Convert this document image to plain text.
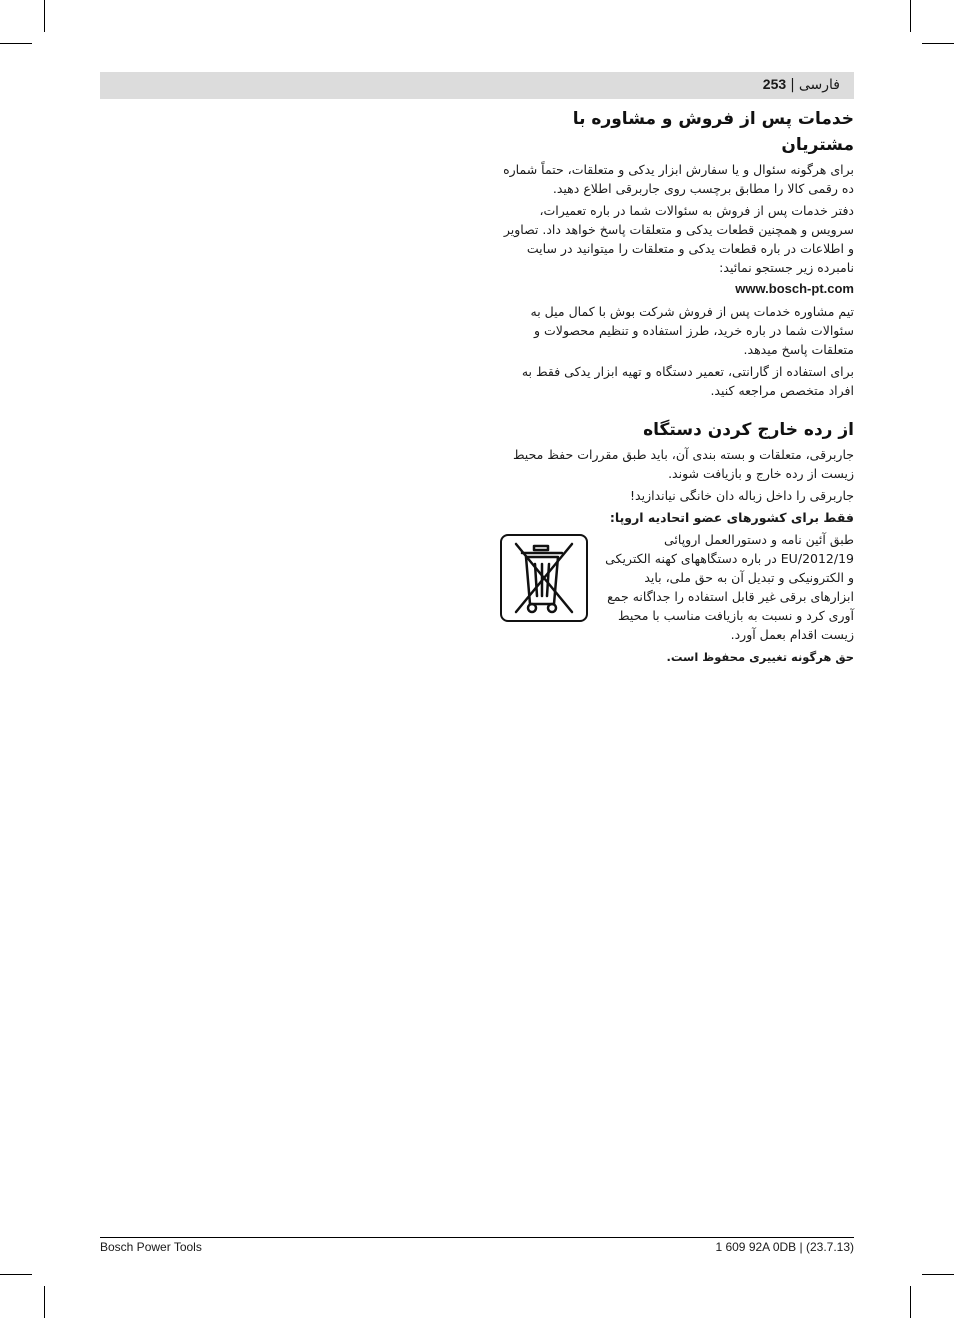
253 | فارسی
خدمات پس از فروش و مشاوره با مشتریان
برای هرگونه سئوال و یا سفارش ابزار یدکی و متعلقات، حتماً شماره ده رقمی کالا را مطابق برچسب روی جاربرقی اطلاع دهید.
دفتر خدمات پس از فروش به سئوالات شما در باره تعمیرات، سرویس و همچنین قطعات یدکی و متعلقات پاسخ خواهد داد. تصاویر و اطلاعات در باره قطعات یدکی و متعلقات را میتوانید در سایت نامبرده زیر جستجو نمائید:
www.bosch-pt.com
تیم مشاوره خدمات پس از فروش شرکت بوش با کمال میل به سئوالات شما در باره خرید، طرز استفاده و تنظیم محصولات و متعلقات پاسخ میدهد.
برای استفاده از گارانتی، تعمیر دستگاه و تهیه ابزار یدکی فقط به افراد متخصص مراجعه کنید.
از رده خارج کردن دستگاه
جاربرقی، متعلقات و بسته بندی آن، باید طبق مقررات حفظ محیط زیست از رده خارج و بازیافت شوند.
جاربرقی را داخل زباله دان خانگی نیاندازید!
فقط برای کشورهای عضو اتحادیه اروپا:
طبق آئین نامه و دستورالعمل اروپائی 2012/19/EU در باره دستگاههای کهنه الکتریکی و الکترونیکی و تبدیل آن به حق ملی، باید ابزارهای برقی غیر قابل استفاده را جداگانه جمع آوری کرد و نسبت به بازیافت مناسب با محیط زیست اقدام بعمل آورد.
حق هرگونه تغییری محفوظ است.
Bosch Power Tools	1 609 92A 0DB | (23.7.13)
